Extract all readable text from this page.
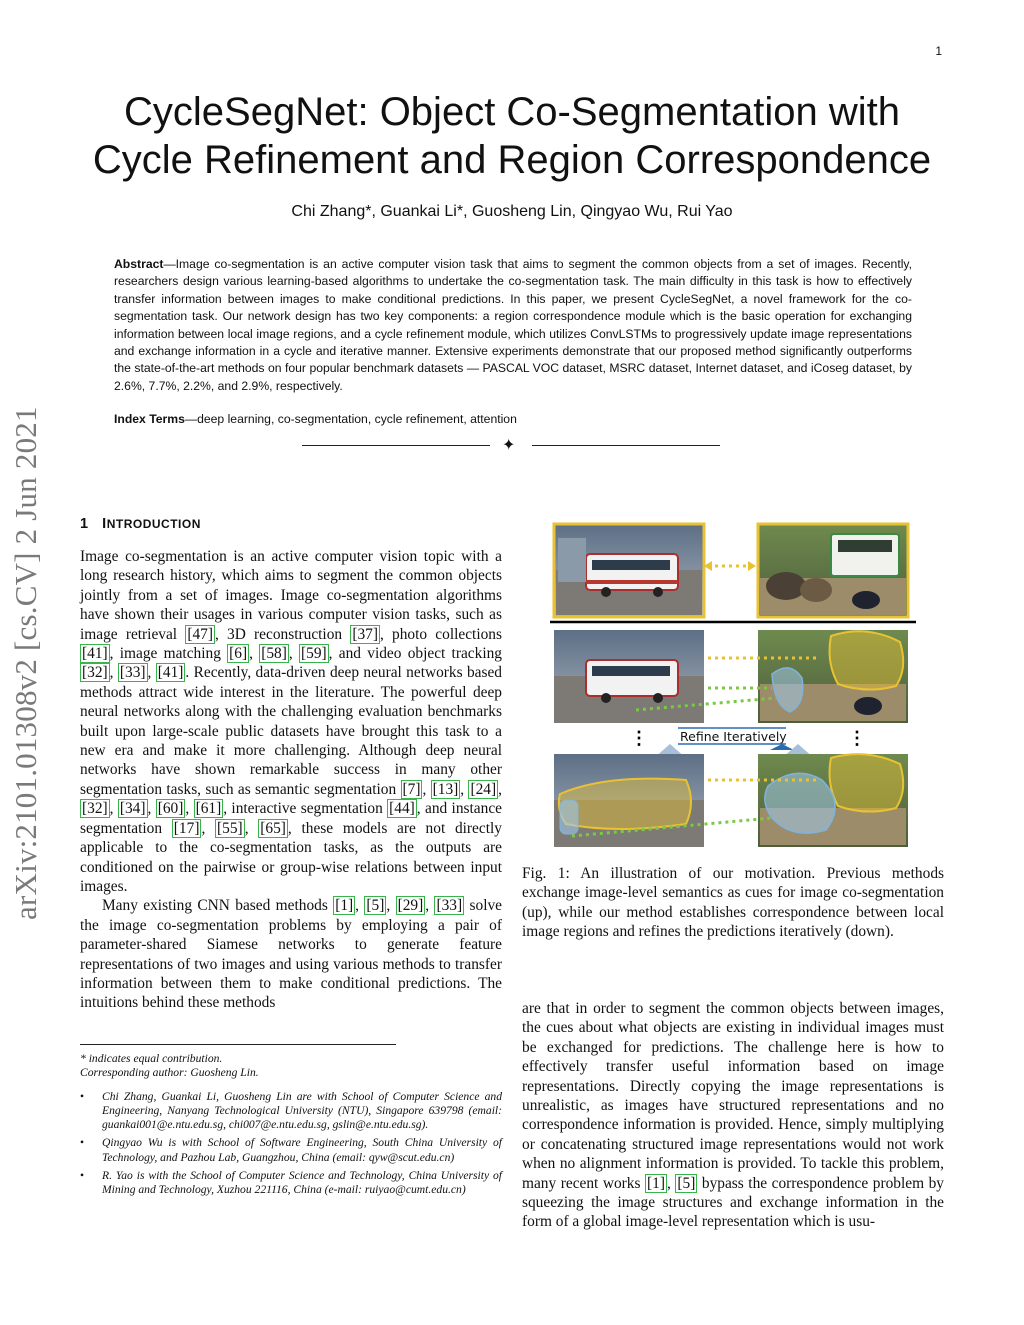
1
arXiv:2101.01308v2 [cs.CV] 2 Jun 2021
CycleSegNet: Object Co-Segmentation with
Cycle Refinement and Region Correspondence
Chi Zhang*, Guankai Li*, Guosheng Lin, Qingyao Wu, Rui Yao
Abstract—Image co-segmentation is an active computer vision task that aims to segment the common objects from a set of images. Recently, researchers design various learning-based algorithms to undertake the co-segmentation task. The main difficulty in this task is how to effectively transfer information between images to make conditional predictions. In this paper, we present CycleSegNet, a novel framework for the co-segmentation task. Our network design has two key components: a region correspondence module which is the basic operation for exchanging information between local image regions, and a cycle refinement module, which utilizes ConvLSTMs to progressively update image representations and exchange information in a cycle and iterative manner. Extensive experiments demonstrate that our proposed method significantly outperforms the state-of-the-art methods on four popular benchmark datasets — PASCAL VOC dataset, MSRC dataset, Internet dataset, and iCoseg dataset, by 2.6%, 7.7%, 2.2%, and 2.9%, respectively.
Index Terms—deep learning, co-segmentation, cycle refinement, attention
✦
1 INTRODUCTION

Image co-segmentation is an active computer vision topic with a long research history, which aims to segment the common objects jointly from a set of images. Image co-segmentation algorithms have shown their usages in various computer vision tasks, such as image retrieval [47] , 3D reconstruction [37] , photo collections [41] , image matching [6] , [58] , [59] , and video object tracking [32] , [33] , [41] . Recently, data-driven deep neural networks based methods attract wide interest in the literature. The powerful deep neural networks along with the challenging evaluation benchmarks built upon large-scale public datasets have brought this task to a new era and make it more challenging. Although deep neural networks have shown remarkable success in many other segmentation tasks, such as semantic segmentation [7] , [13] , [24] , [32] , [34] , [60] , [61] , interactive segmentation [44] , and instance segmentation [17] , [55] , [65] , these models are not directly applicable to the co-segmentation tasks, as the outputs are conditioned on the pairwise or group-wise relations between input images.

Many existing CNN based methods [1] , [5] , [29] , [33] solve the image co-segmentation problems by employing a pair of parameter-shared Siamese networks to generate feature representations of two images and using various methods to transfer information between them to make conditional predictions. The intuitions behind these methods

* indicates equal contribution.
Corresponding author: Guosheng Lin.
• Chi Zhang, Guankai Li, Guosheng Lin are with School of Computer Science and Engineering, Nanyang Technological University (NTU), Singapore 639798 (email: guankai001@e.ntu.edu.sg, chi007@e.ntu.edu.sg, gslin@e.ntu.edu.sg).
• Qingyao Wu is with School of Software Engineering, South China University of Technology, and Pazhou Lab, Guangzhou, China (email: qyw@scut.edu.cn)
• R. Yao is with the School of Computer Science and Technology, China University of Mining and Technology, Xuzhou 221116, China (e-mail: ruiyao@cumt.edu.cn)
⋮	⋮
Refine Iteratively
Fig. 1: An illustration of our motivation. Previous methods exchange image-level semantics as cues for image co-segmentation (up), while our method establishes correspondence between local image regions and refines the predictions iteratively (down).
are that in order to segment the common objects between images, the cues about what objects are existing in individual images must be exchanged for predictions. The challenge here is how to effectively transfer useful information based on image representations. Directly copying the image representations is unrealistic, as images have structured representations and no correspondence information is provided. Hence, simply multiplying or concatenating structured image representations would not work when no alignment information is provided. To tackle this problem, many recent works [1] , [5] bypass the correspondence problem by squeezing the image structures and exchange information in the form of a global image-level representation which is usu-
